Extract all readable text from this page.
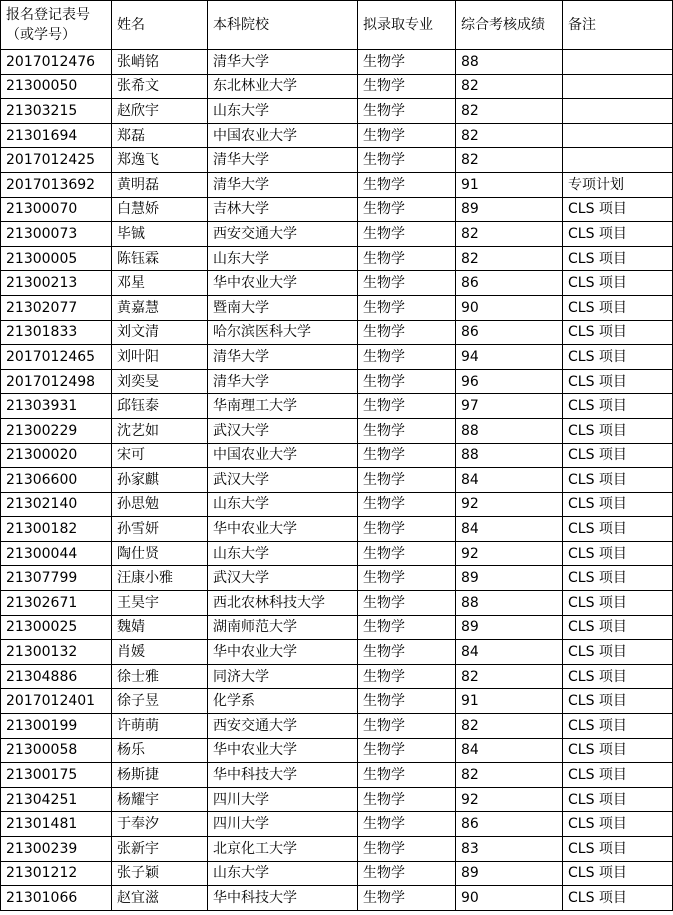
报名登记表号（或学号）	姓名	本科院校	拟录取专业	综合考核成绩	备注
2017012476	张峭铭	清华大学	生物学	88	
21300050	张希文	东北林业大学	生物学	82	
21303215	赵欣宇	山东大学	生物学	82	
21301694	郑磊	中国农业大学	生物学	82	
2017012425	郑逸飞	清华大学	生物学	82	
2017013692	黄明磊	清华大学	生物学	91	专项计划
21300070	白慧娇	吉林大学	生物学	89	CLS 项目
21300073	毕铖	西安交通大学	生物学	82	CLS 项目
21300005	陈钰霖	山东大学	生物学	82	CLS 项目
21300213	邓星	华中农业大学	生物学	86	CLS 项目
21302077	黄嘉慧	暨南大学	生物学	90	CLS 项目
21301833	刘文清	哈尔滨医科大学	生物学	86	CLS 项目
2017012465	刘叶阳	清华大学	生物学	94	CLS 项目
2017012498	刘奕旻	清华大学	生物学	96	CLS 项目
21303931	邱钰泰	华南理工大学	生物学	97	CLS 项目
21300229	沈艺如	武汉大学	生物学	88	CLS 项目
21300020	宋可	中国农业大学	生物学	88	CLS 项目
21306600	孙家麒	武汉大学	生物学	84	CLS 项目
21302140	孙思勉	山东大学	生物学	92	CLS 项目
21300182	孙雪妍	华中农业大学	生物学	84	CLS 项目
21300044	陶仕贤	山东大学	生物学	92	CLS 项目
21307799	汪康小雅	武汉大学	生物学	89	CLS 项目
21302671	王昊宇	西北农林科技大学	生物学	88	CLS 项目
21300025	魏婧	湖南师范大学	生物学	89	CLS 项目
21300132	肖媛	华中农业大学	生物学	84	CLS 项目
21304886	徐士雅	同济大学	生物学	82	CLS 项目
2017012401	徐子昱	化学系	生物学	91	CLS 项目
21300199	许萌萌	西安交通大学	生物学	82	CLS 项目
21300058	杨乐	华中农业大学	生物学	84	CLS 项目
21300175	杨斯捷	华中科技大学	生物学	82	CLS 项目
21304251	杨耀宇	四川大学	生物学	92	CLS 项目
21301481	于奉汐	四川大学	生物学	86	CLS 项目
21300239	张新宇	北京化工大学	生物学	83	CLS 项目
21301212	张子颖	山东大学	生物学	89	CLS 项目
21301066	赵宜滋	华中科技大学	生物学	90	CLS 项目
